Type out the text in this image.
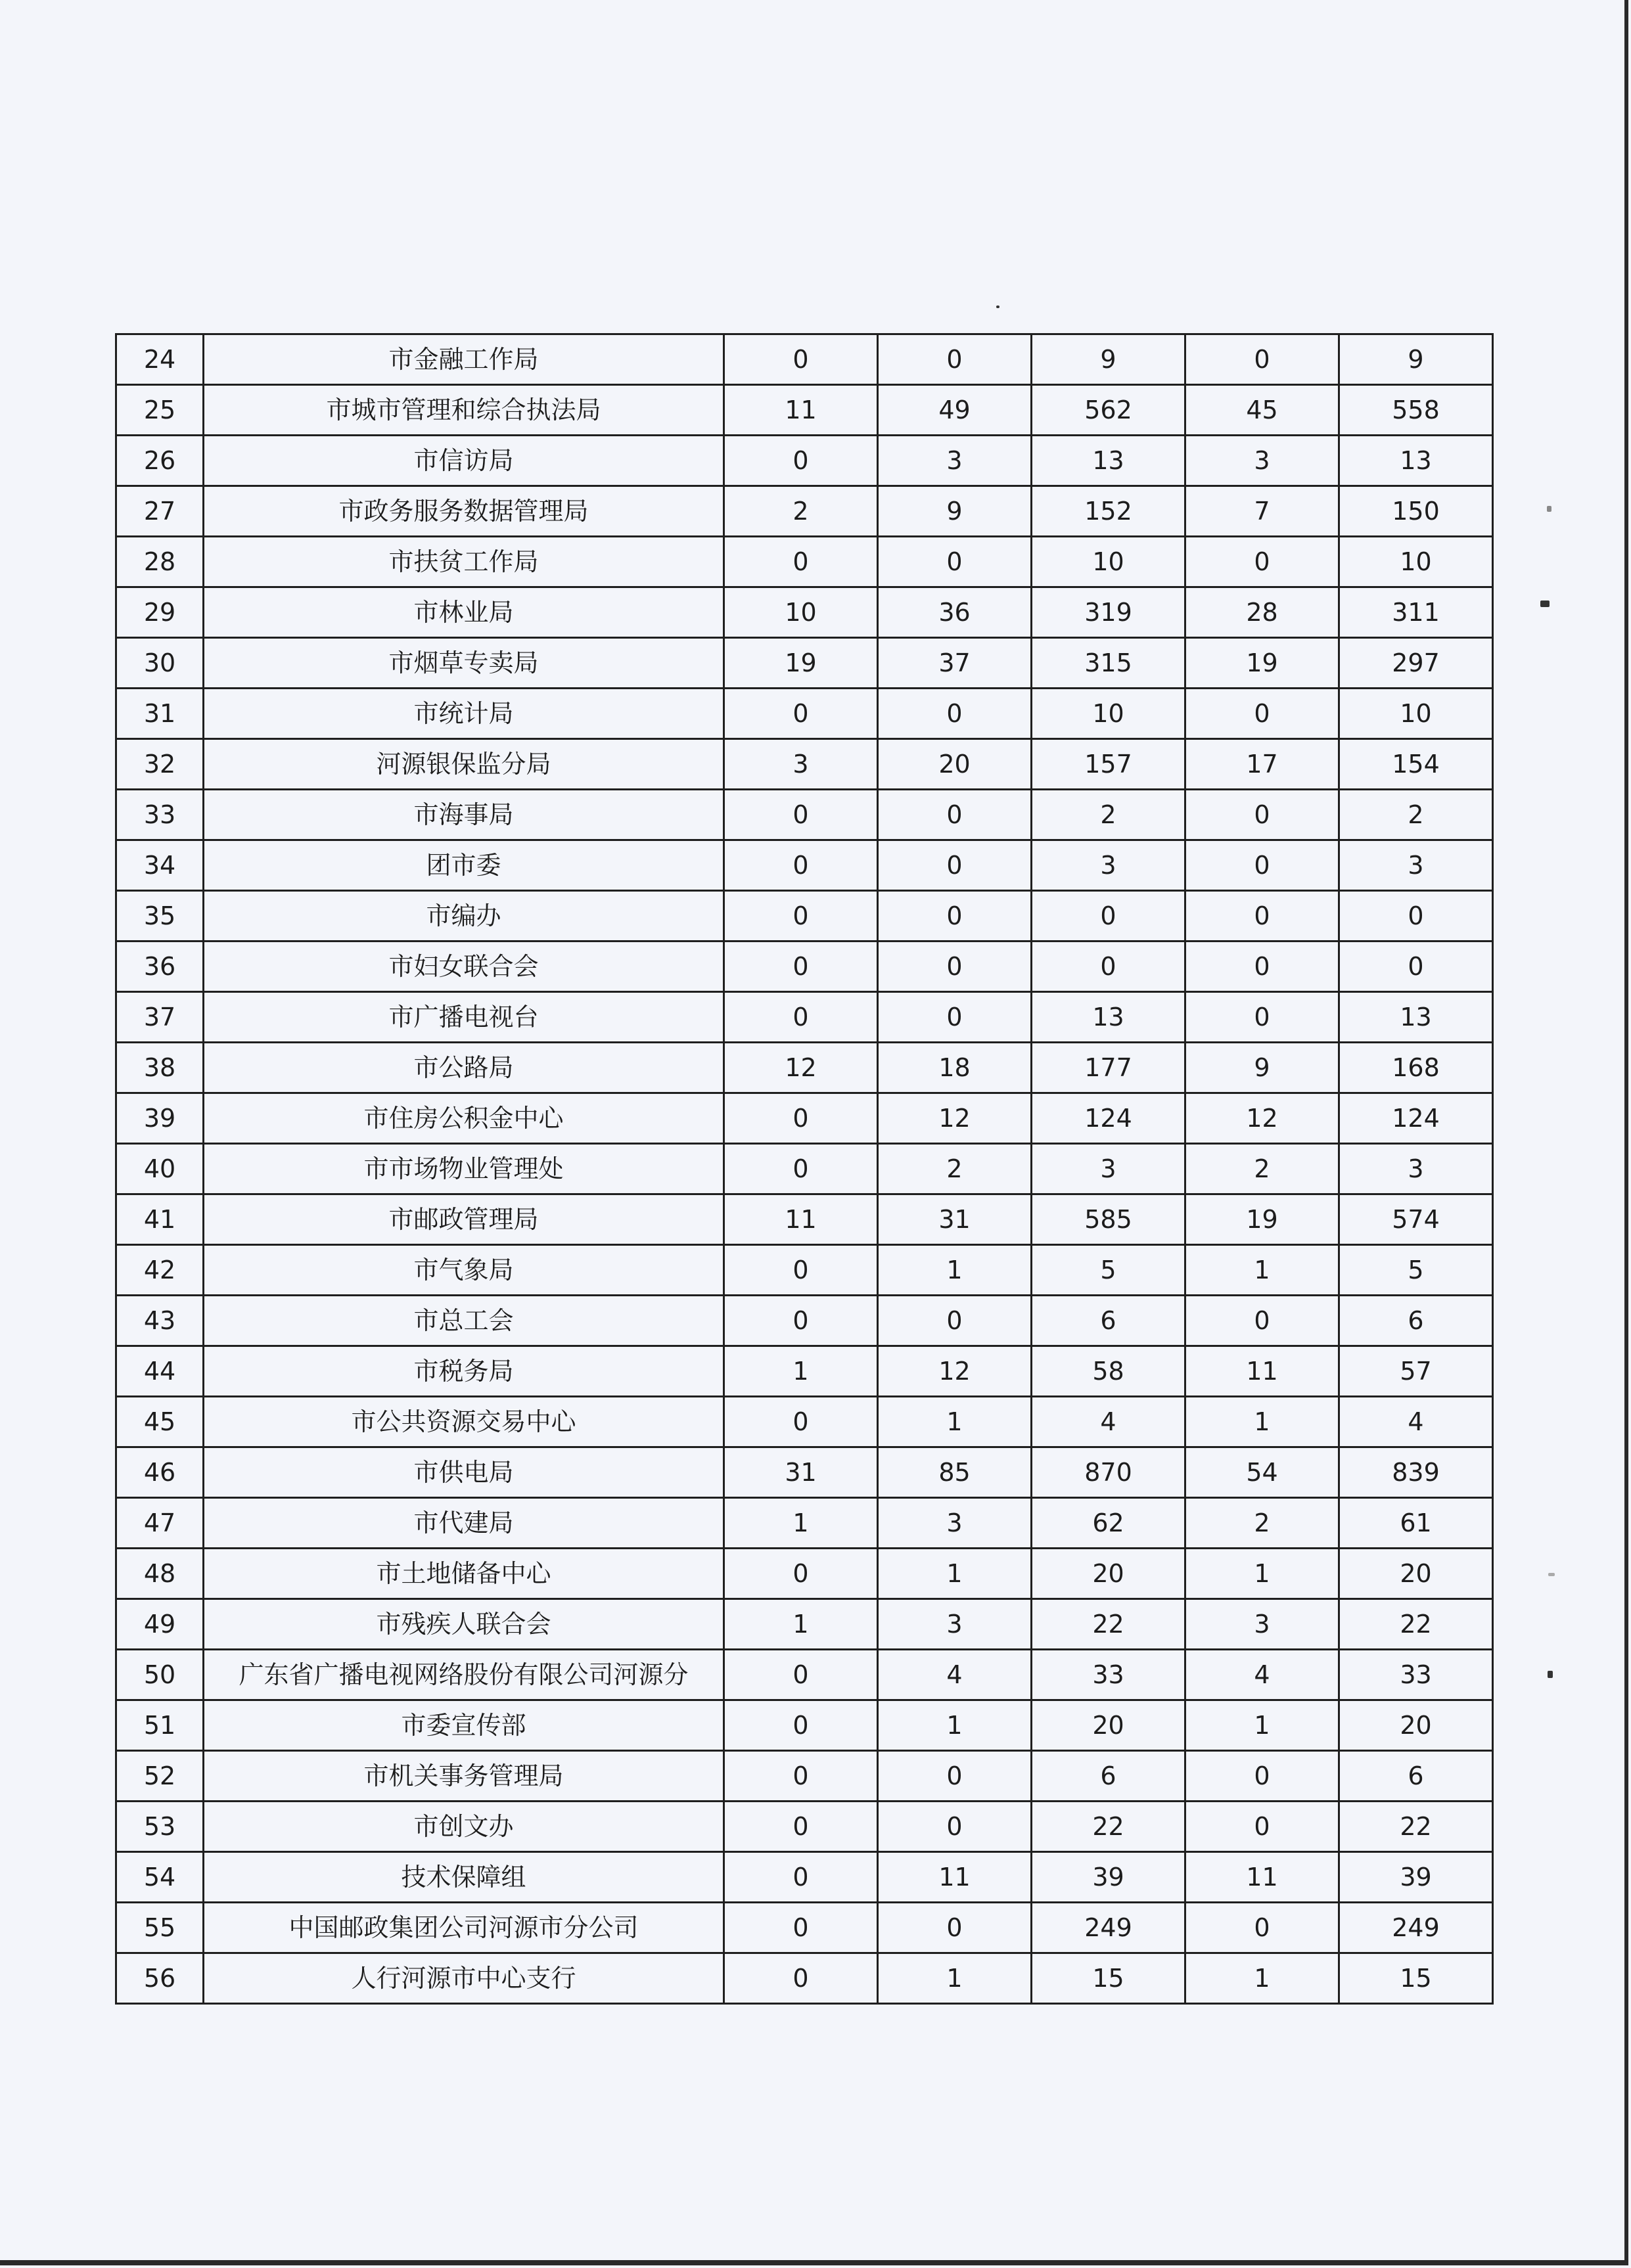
24	市金融工作局	0	0	9	0	9
25	市城市管理和综合执法局	11	49	562	45	558
26	市信访局	0	3	13	3	13
27	市政务服务数据管理局	2	9	152	7	150
28	市扶贫工作局	0	0	10	0	10
29	市林业局	10	36	319	28	311
30	市烟草专卖局	19	37	315	19	297
31	市统计局	0	0	10	0	10
32	河源银保监分局	3	20	157	17	154
33	市海事局	0	0	2	0	2
34	团市委	0	0	3	0	3
35	市编办	0	0	0	0	0
36	市妇女联合会	0	0	0	0	0
37	市广播电视台	0	0	13	0	13
38	市公路局	12	18	177	9	168
39	市住房公积金中心	0	12	124	12	124
40	市市场物业管理处	0	2	3	2	3
41	市邮政管理局	11	31	585	19	574
42	市气象局	0	1	5	1	5
43	市总工会	0	0	6	0	6
44	市税务局	1	12	58	11	57
45	市公共资源交易中心	0	1	4	1	4
46	市供电局	31	85	870	54	839
47	市代建局	1	3	62	2	61
48	市土地储备中心	0	1	20	1	20
49	市残疾人联合会	1	3	22	3	22
50	广东省广播电视网络股份有限公司河源分	0	4	33	4	33
51	市委宣传部	0	1	20	1	20
52	市机关事务管理局	0	0	6	0	6
53	市创文办	0	0	22	0	22
54	技术保障组	0	11	39	11	39
55	中国邮政集团公司河源市分公司	0	0	249	0	249
56	人行河源市中心支行	0	1	15	1	15
